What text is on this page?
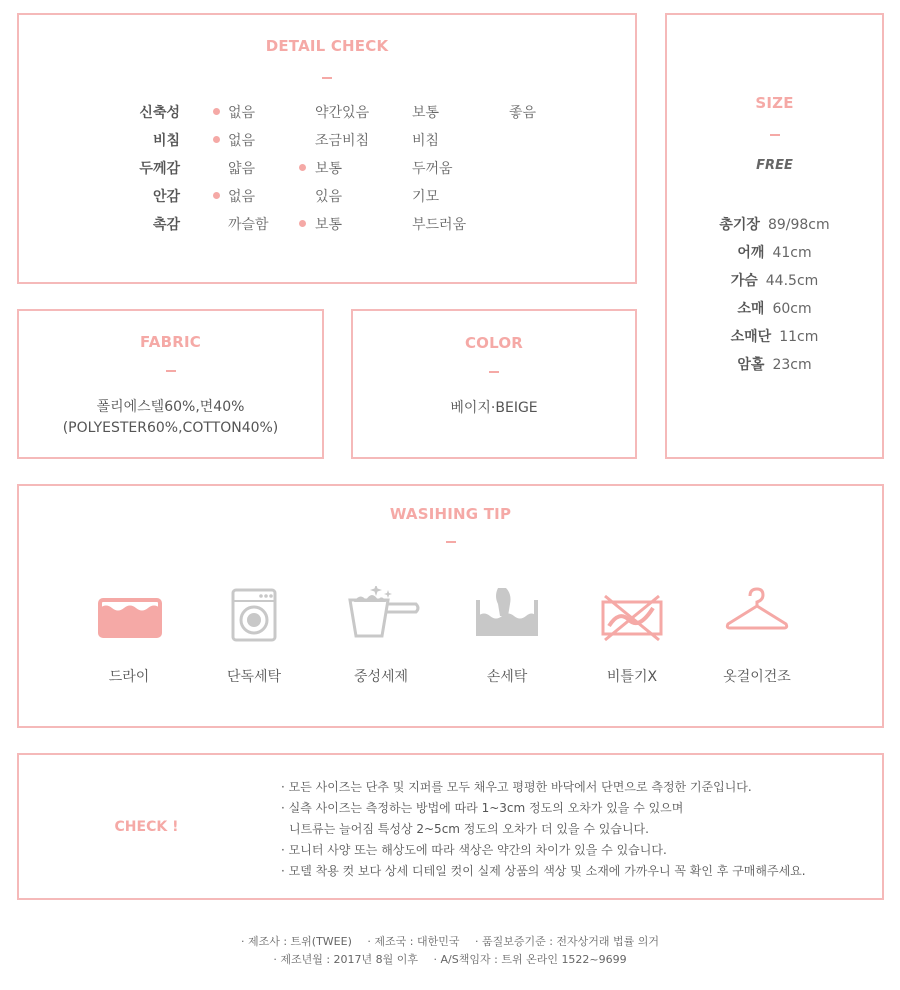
DETAIL CHECK
신축성	없음	약간있음	보통	좋음
비침	없음	조금비침	비침
두께감	얇음	보통	두꺼움
안감	없음	있음	기모
촉감	까슬함	보통	부드러움
SIZE
FREE
총기장 89/98cm
어깨 41cm
가슴 44.5cm
소매 60cm
소매단 11cm
암홀 23cm
FABRIC
폴리에스텔60%,면40%
(POLYESTER60%,COTTON40%)
COLOR
베이지·BEIGE
WASIHING TIP
드라이	단독세탁	중성세제	손세탁	비틀기X	옷걸이건조
CHECK !
· 모든 사이즈는 단추 및 지퍼를 모두 채우고 평평한 바닥에서 단면으로 측정한 기준입니다.
· 실측 사이즈는 측정하는 방법에 따라 1~3cm 정도의 오차가 있을 수 있으며
니트류는 늘어짐 특성상 2~5cm 정도의 오차가 더 있을 수 있습니다.
· 모니터 사양 또는 해상도에 따라 색상은 약간의 차이가 있을 수 있습니다.
· 모델 착용 컷 보다 상세 디테일 컷이 실제 상품의 색상 및 소재에 가까우니 꼭 확인 후 구매해주세요.
· 제조사 : 트위(TWEE) · 제조국 : 대한민국 · 품질보증기준 : 전자상거래 법률 의거
· 제조년월 : 2017년 8월 이후 · A/S책임자 : 트위 온라인 1522~9699
